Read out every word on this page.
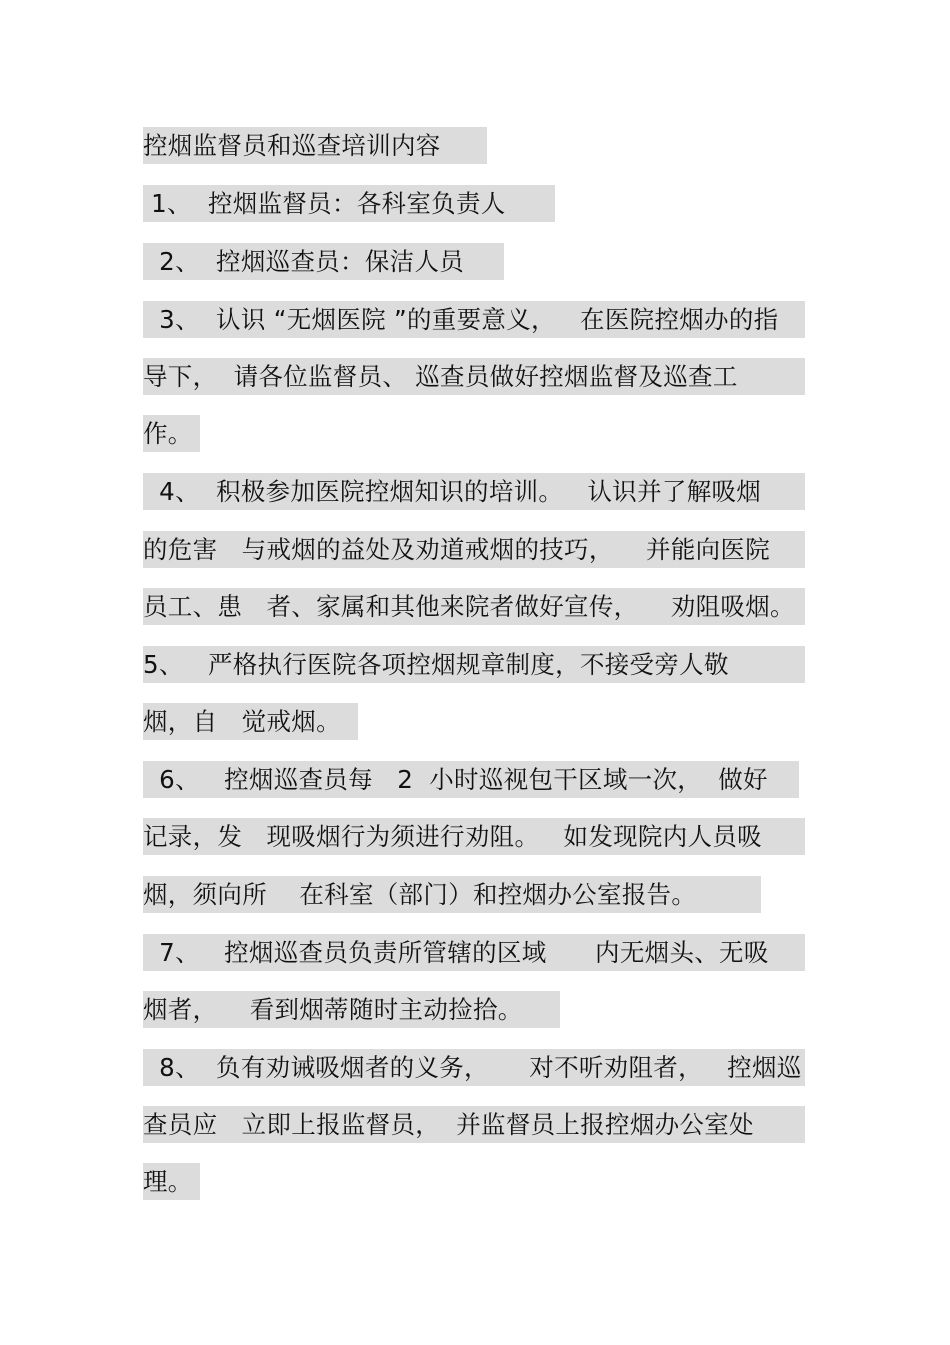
控烟监督员和巡查培训内容
1、  控烟监督员：各科室负责人
2、  控烟巡查员：保洁人员
3、  认识 “无烟医院 ”的重要意义，   在医院控烟办的指
导下，  请各位监督员、 巡查员做好控烟监督及巡查工
作。
4、  积极参加医院控烟知识的培训。   认识并了解吸烟
的危害   与戒烟的益处及劝道戒烟的技巧，    并能向医院
员工、患   者、家属和其他来院者做好宣传，    劝阻吸烟。
5、   严格执行医院各项控烟规章制度，不接受旁人敬
烟，自   觉戒烟。
6、   控烟巡查员每   2  小时巡视包干区域一次，  做好
记录，发   现吸烟行为须进行劝阻。   如发现院内人员吸
烟，须向所    在科室（部门）和控烟办公室报告。
7、   控烟巡查员负责所管辖的区域      内无烟头、无吸
烟者，    看到烟蒂随时主动捡拾。
8、  负有劝诫吸烟者的义务，     对不听劝阻者，   控烟巡
查员应   立即上报监督员，  并监督员上报控烟办公室处
理。
